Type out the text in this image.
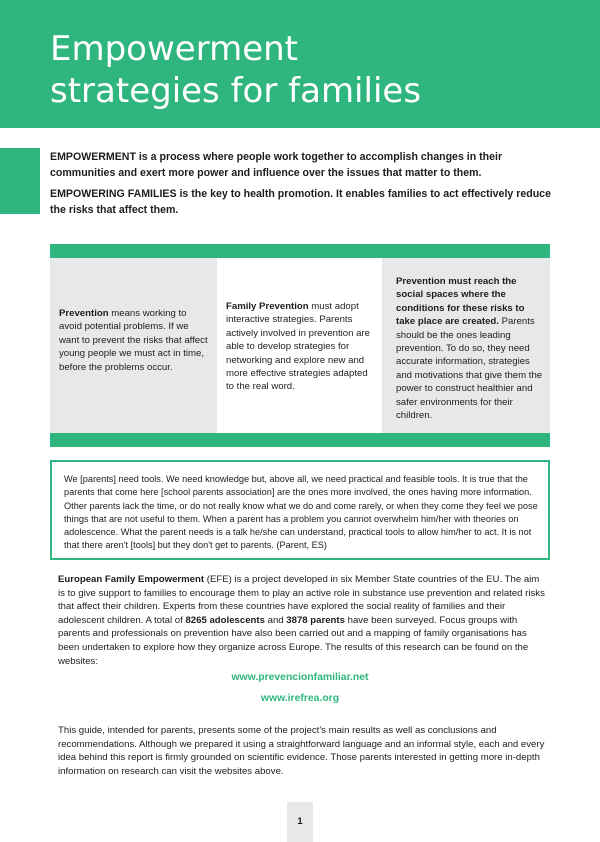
Empowerment
strategies for families

EMPOWERMENT is a process where people work together to accomplish changes in their communities and exert more power and influence over the issues that matter to them.

EMPOWERING FAMILIES is the key to health promotion. It enables families to act effectively reduce the risks that affect them.

Prevention means working to avoid potential problems. If we want to prevent the risks that affect young people we must act in time, before the problems occur.

Family Prevention must adopt interactive strategies. Parents actively involved in prevention are able to develop strategies for networking and explore new and more effective strategies adapted to the real word.

Prevention must reach the social spaces where the conditions for these risks to take place are created. Parents should be the ones leading prevention. To do so, they need accurate information, strategies and motivations that give them the power to construct healthier and safer environments for their children.

We [parents] need tools. We need knowledge but, above all, we need practical and feasible tools. It is true that the parents that come here [school parents association] are the ones more involved, the ones having more information. Other parents lack the time, or do not really know what we do and come rarely, or when they come they feel we pose things that are not useful to them. When a parent has a problem you cannot overwhelm him/her with theories on adolescence. What the parent needs is a talk he/she can understand, practical tools to allow him/her to act. It is not that there aren't [tools] but they don't get to parents. (Parent, ES)

European Family Empowerment (EFE) is a project developed in six Member State countries of the EU. The aim is to give support to families to encourage them to play an active role in substance use prevention and related risks that affect their children. Experts from these countries have explored the social reality of families and their adolescent children. A total of 8265 adolescents and 3878 parents have been surveyed. Focus groups with parents and professionals on prevention have also been carried out and a mapping of family organisations has been undertaken to explore how they organize across Europe. The results of this research can be found on the websites:

www.prevencionfamiliar.net
www.irefrea.org

This guide, intended for parents, presents some of the project's main results as well as conclusions and recommendations. Although we prepared it using a straightforward language and an informal style, each and every idea behind this report is firmly grounded on scientific evidence. Those parents interested in getting more in-depth information on research can visit the websites above.

1
